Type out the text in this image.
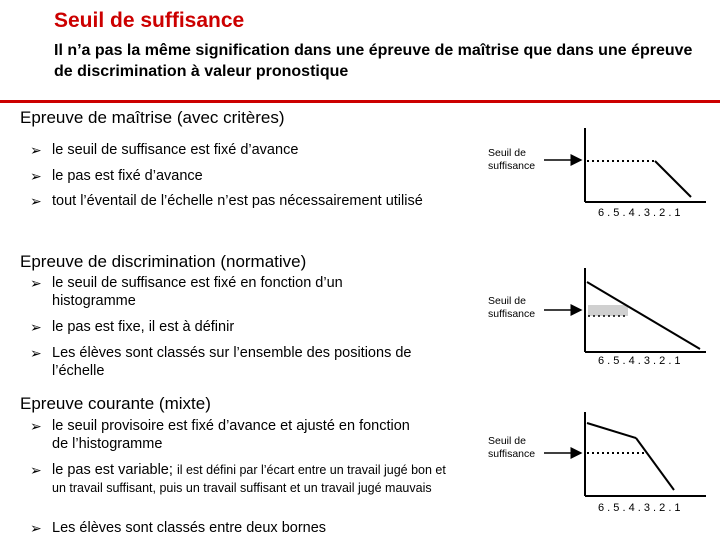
Seuil de suffisance
Il n’a pas la même signification dans une épreuve de maîtrise que dans une épreuve de discrimination à valeur pronostique
Epreuve de maîtrise (avec critères)
➢ le seuil de suffisance est fixé d’avance
➢ le pas est fixé d’avance
➢ tout l’éventail de l’échelle n’est pas nécessairement utilisé
Seuil de suffisance
6 . 5 . 4 . 3 . 2 . 1
Epreuve de discrimination (normative)
➢ le seuil de suffisance est fixé en fonction d’un histogramme
➢ le pas est fixe, il est à définir
➢ Les élèves sont classés sur l’ensemble des positions de l’échelle
Seuil de suffisance
6 . 5 . 4 . 3 . 2 . 1
Epreuve courante (mixte)
➢ le seuil provisoire est fixé d’avance et ajusté en fonction de l’histogramme
➢ le pas est variable; il est défini par l’écart entre un travail jugé bon et un travail suffisant, puis un travail suffisant et un travail jugé mauvais
➢ Les élèves sont classés entre deux bornes
Seuil de suffisance
6 . 5 . 4 . 3 . 2 . 1
